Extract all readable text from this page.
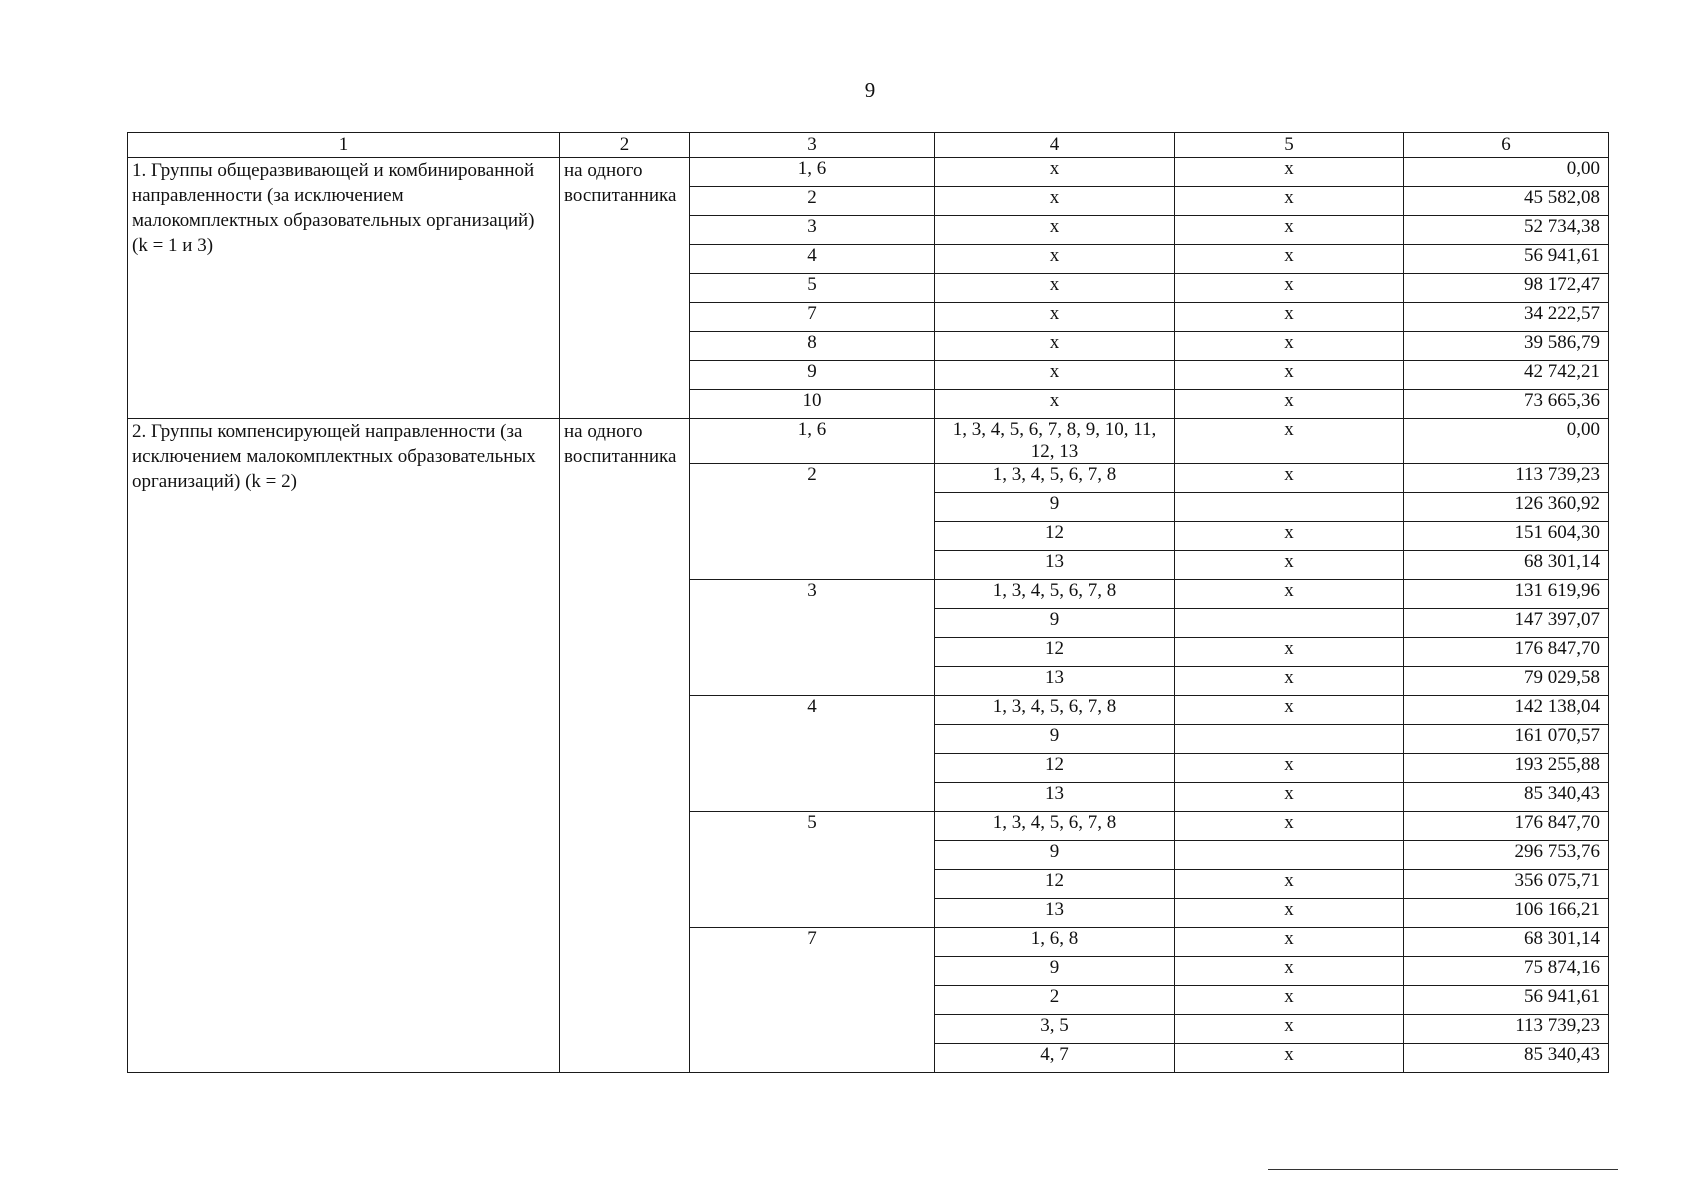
9
1	2	3	4	5	6
1. Группы общеразвивающей и комбинированной направленности (за исключением малокомплектных образовательных организаций) (k = 1 и 3)	на одного воспитанника	1, 6	x	x	0,00
		2	x	x	45 582,08
		3	x	x	52 734,38
		4	x	x	56 941,61
		5	x	x	98 172,47
		7	x	x	34 222,57
		8	x	x	39 586,79
		9	x	x	42 742,21
		10	x	x	73 665,36
2. Группы компенсирующей направленности (за исключением малокомплектных образовательных организаций) (k = 2)	на одного воспитанника	1, 6	1, 3, 4, 5, 6, 7, 8, 9, 10, 11, 12, 13	x	0,00
		2	1, 3, 4, 5, 6, 7, 8	x	113 739,23
			9		126 360,92
			12	x	151 604,30
			13	x	68 301,14
		3	1, 3, 4, 5, 6, 7, 8	x	131 619,96
			9		147 397,07
			12	x	176 847,70
			13	x	79 029,58
		4	1, 3, 4, 5, 6, 7, 8	x	142 138,04
			9		161 070,57
			12	x	193 255,88
			13	x	85 340,43
		5	1, 3, 4, 5, 6, 7, 8	x	176 847,70
			9		296 753,76
			12	x	356 075,71
			13	x	106 166,21
		7	1, 6, 8	x	68 301,14
			9	x	75 874,16
			2	x	56 941,61
			3, 5	x	113 739,23
			4, 7	x	85 340,43
